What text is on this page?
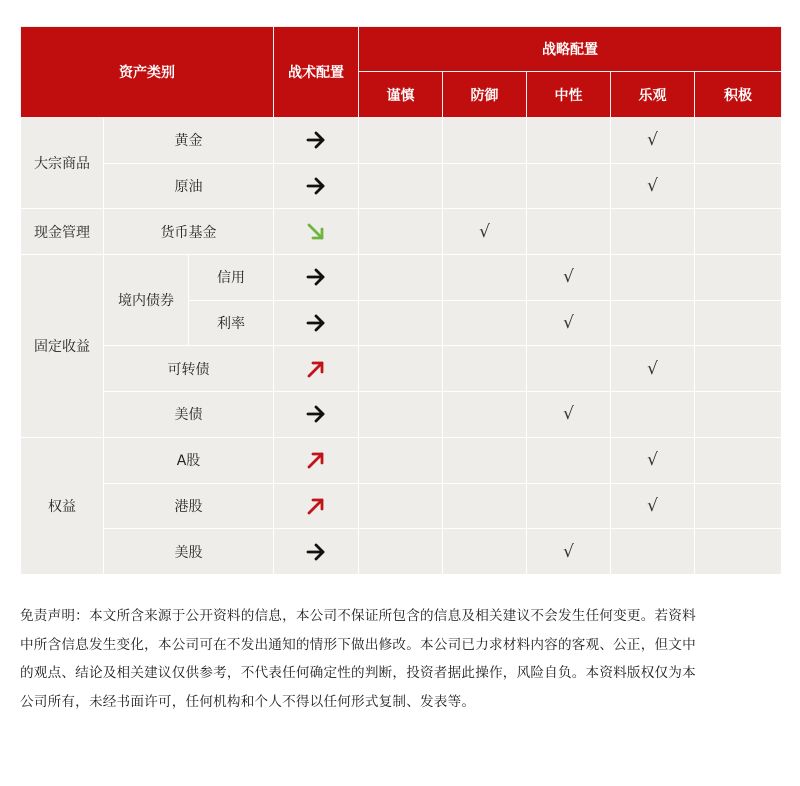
资产类别			战术配置	战略配置				
				谨慎	防御	中性	乐观	积极
大宗商品	黄金						√	
	原油						√	
现金管理	货币基金				√			
固定收益	境内债券	信用				√		
		利率				√		
	可转债						√	
	美债					√		
权益	A股						√	
	港股						√	
	美股					√		

免责声明：本文所含来源于公开资料的信息，本公司不保证所包含的信息及相关建议不会发生任何变更。若资料
中所含信息发生变化，本公司可在不发出通知的情形下做出修改。本公司已力求材料内容的客观、公正，但文中
的观点、结论及相关建议仅供参考，不代表任何确定性的判断，投资者据此操作，风险自负。本资料版权仅为本
公司所有，未经书面许可，任何机构和个人不得以任何形式复制、发表等。
